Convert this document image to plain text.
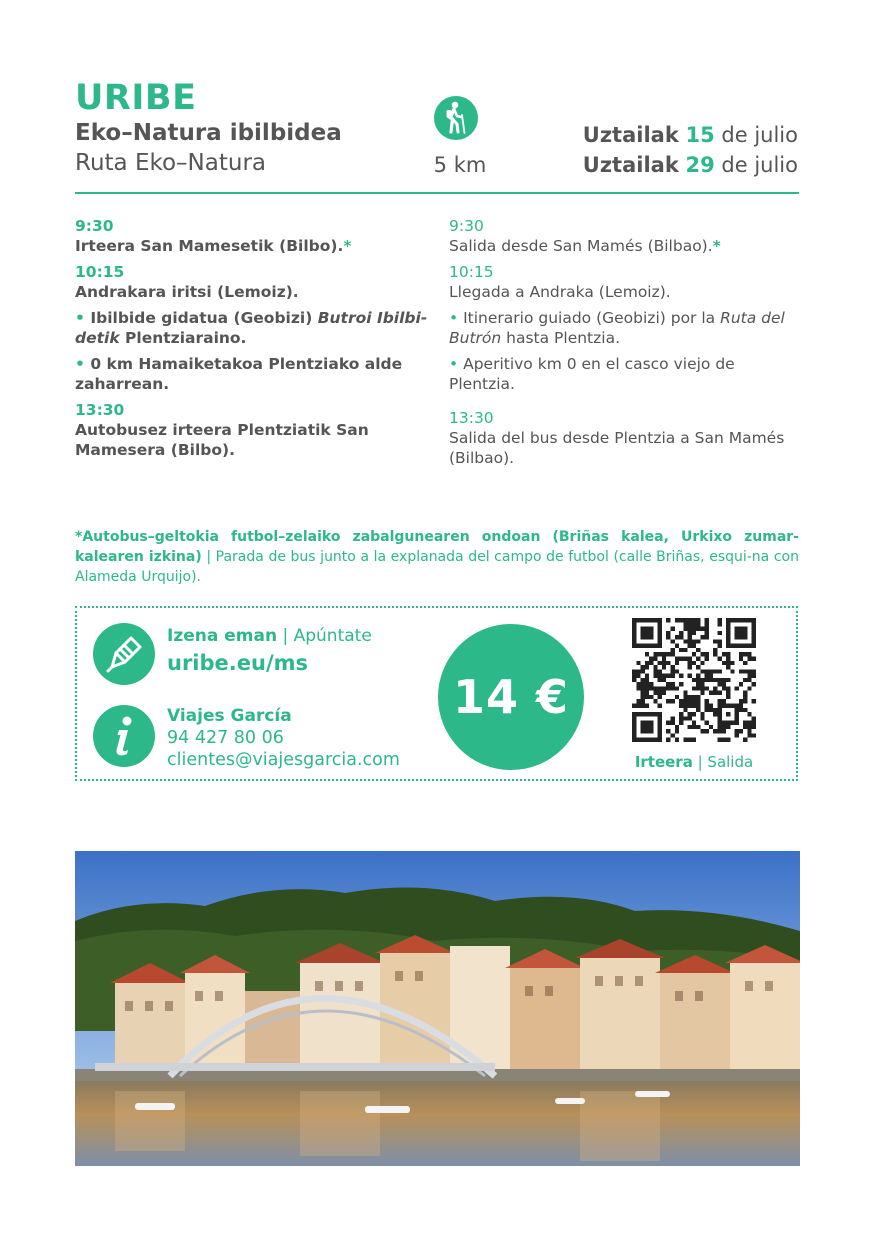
URIBE
Eko–Natura ibilbidea
Ruta Eko–Natura	5 km
Uztailak 15 de julio
Uztailak 29 de julio
9:30
Irteera San Mamesetik (Bilbo).*
10:15
Andrakara iritsi (Lemoiz).
• Ibilbide gidatua (Geobizi) Butroi Ibilbi-detik Plentziaraino.
• 0 km Hamaiketakoa Plentziako alde zaharrean.
13:30
Autobusez irteera Plentziatik San Mamesera (Bilbo).
9:30
Salida desde San Mamés (Bilbao).*
10:15
Llegada a Andraka (Lemoiz).
• Itinerario guiado (Geobizi) por la Ruta del Butrón hasta Plentzia.
• Aperitivo km 0 en el casco viejo de Plentzia.
13:30
Salida del bus desde Plentzia a San Mamés (Bilbao).
*Autobus–geltokia futbol–zelaiko zabalgunearen ondoan (Briñas kalea, Urkixo zumar-kalearen izkina) | Parada de bus junto a la explanada del campo de futbol (calle Briñas, esqui-na con Alameda Urquijo).
Izena eman | Apúntate
uribe.eu/ms
Viajes García
94 427 80 06
clientes@viajesgarcia.com
14 €
Irteera | Salida
